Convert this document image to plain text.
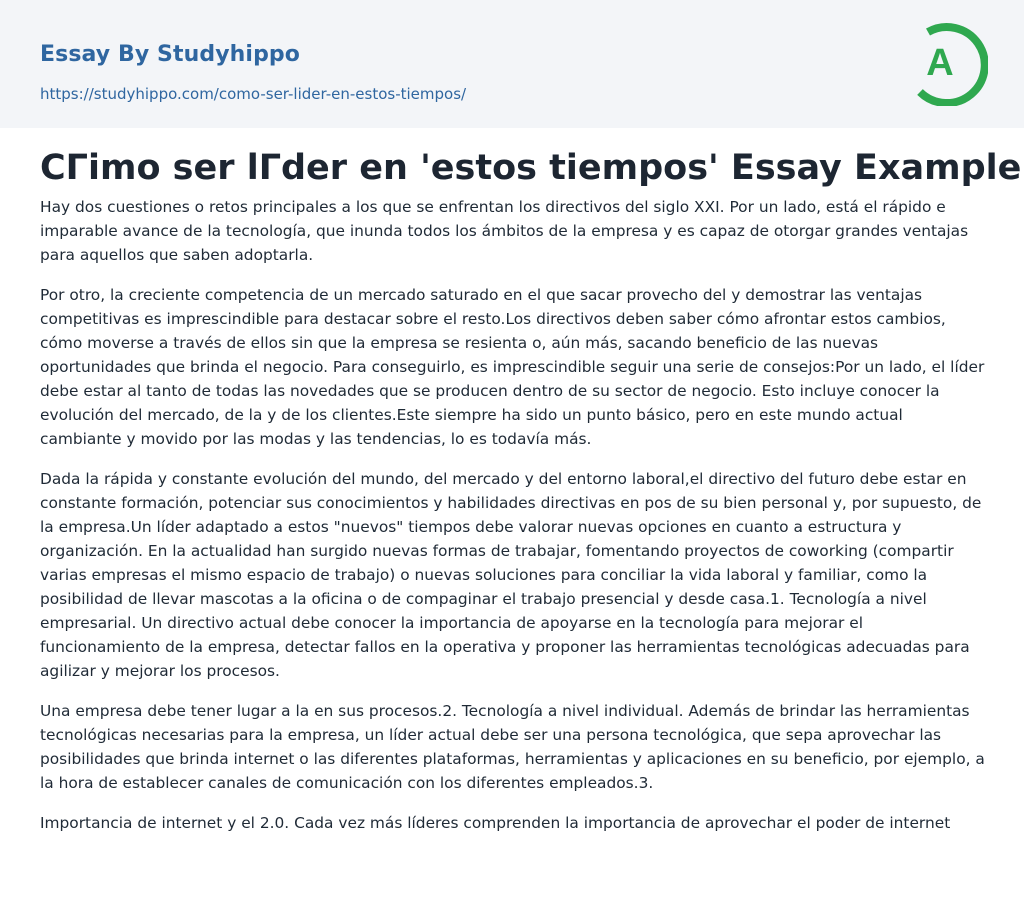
Essay By Studyhippo
https://studyhippo.com/como-ser-lider-en-estos-tiempos/
A
CΓimo ser lΓder en 'estos tiempos' Essay Example

Hay dos cuestiones o retos principales a los que se enfrentan los directivos del siglo XXI. Por un lado, está el rápido e imparable avance de la tecnología, que inunda todos los ámbitos de la empresa y es capaz de otorgar grandes ventajas para aquellos que saben adoptarla.

Por otro, la creciente competencia de un mercado saturado en el que sacar provecho del y demostrar las ventajas competitivas es imprescindible para destacar sobre el resto.Los directivos deben saber cómo afrontar estos cambios, cómo moverse a través de ellos sin que la empresa se resienta o, aún más, sacando beneficio de las nuevas oportunidades que brinda el negocio. Para conseguirlo, es imprescindible seguir una serie de consejos:Por un lado, el líder debe estar al tanto de todas las novedades que se producen dentro de su sector de negocio. Esto incluye conocer la evolución del mercado, de la y de los clientes.Este siempre ha sido un punto básico, pero en este mundo actual cambiante y movido por las modas y las tendencias, lo es todavía más.

Dada la rápida y constante evolución del mundo, del mercado y del entorno laboral,el directivo del futuro debe estar en constante formación, potenciar sus conocimientos y habilidades directivas en pos de su bien personal y, por supuesto, de la empresa.Un líder adaptado a estos "nuevos" tiempos debe valorar nuevas opciones en cuanto a estructura y organización. En la actualidad han surgido nuevas formas de trabajar, fomentando proyectos de coworking (compartir varias empresas el mismo espacio de trabajo) o nuevas soluciones para conciliar la vida laboral y familiar, como la posibilidad de llevar mascotas a la oficina o de compaginar el trabajo presencial y desde casa.1. Tecnología a nivel empresarial. Un directivo actual debe conocer la importancia de apoyarse en la tecnología para mejorar el funcionamiento de la empresa, detectar fallos en la operativa y proponer las herramientas tecnológicas adecuadas para agilizar y mejorar los procesos.

Una empresa debe tener lugar a la en sus procesos.2. Tecnología a nivel individual. Además de brindar las herramientas tecnológicas necesarias para la empresa, un líder actual debe ser una persona tecnológica, que sepa aprovechar las posibilidades que brinda internet o las diferentes plataformas, herramientas y aplicaciones en su beneficio, por ejemplo, a la hora de establecer canales de comunicación con los diferentes empleados.3.

Importancia de internet y el 2.0. Cada vez más líderes comprenden la importancia de aprovechar el poder de internet
